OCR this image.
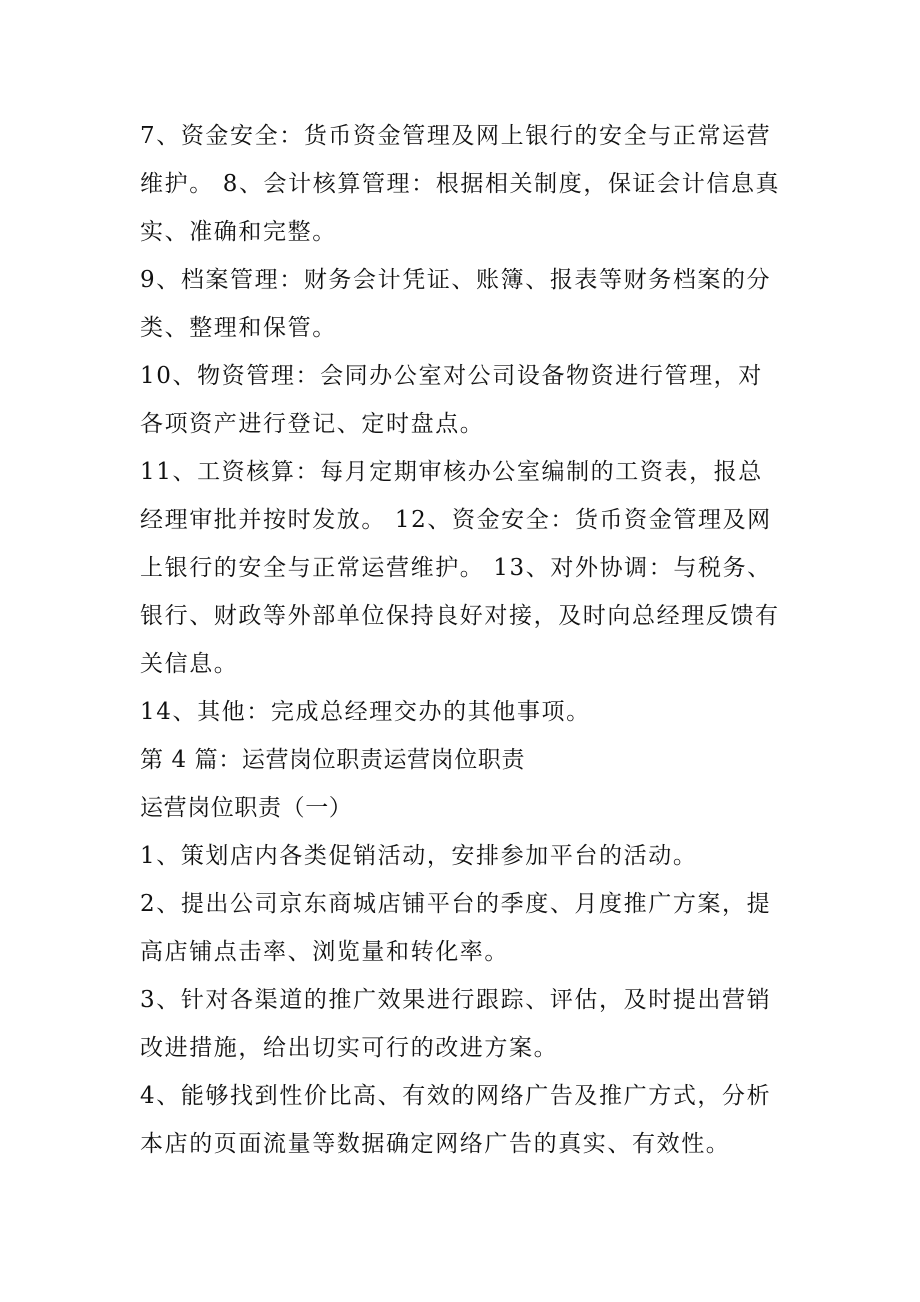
7、资金安全：货币资金管理及网上银行的安全与正常运营维护。 8、会计核算管理：根据相关制度，保证会计信息真实、准确和完整。

9、档案管理：财务会计凭证、账簿、报表等财务档案的分类、整理和保管。

10、物资管理：会同办公室对公司设备物资进行管理，对各项资产进行登记、定时盘点。

11、工资核算：每月定期审核办公室编制的工资表，报总经理审批并按时发放。 12、资金安全：货币资金管理及网上银行的安全与正常运营维护。 13、对外协调：与税务、银行、财政等外部单位保持良好对接，及时向总经理反馈有关信息。

14、其他：完成总经理交办的其他事项。

第 4 篇：运营岗位职责运营岗位职责

运营岗位职责（一）

1、策划店内各类促销活动，安排参加平台的活动。

2、提出公司京东商城店铺平台的季度、月度推广方案，提高店铺点击率、浏览量和转化率。

3、针对各渠道的推广效果进行跟踪、评估，及时提出营销改进措施，给出切实可行的改进方案。

4、能够找到性价比高、有效的网络广告及推广方式，分析本店的页面流量等数据确定网络广告的真实、有效性。
